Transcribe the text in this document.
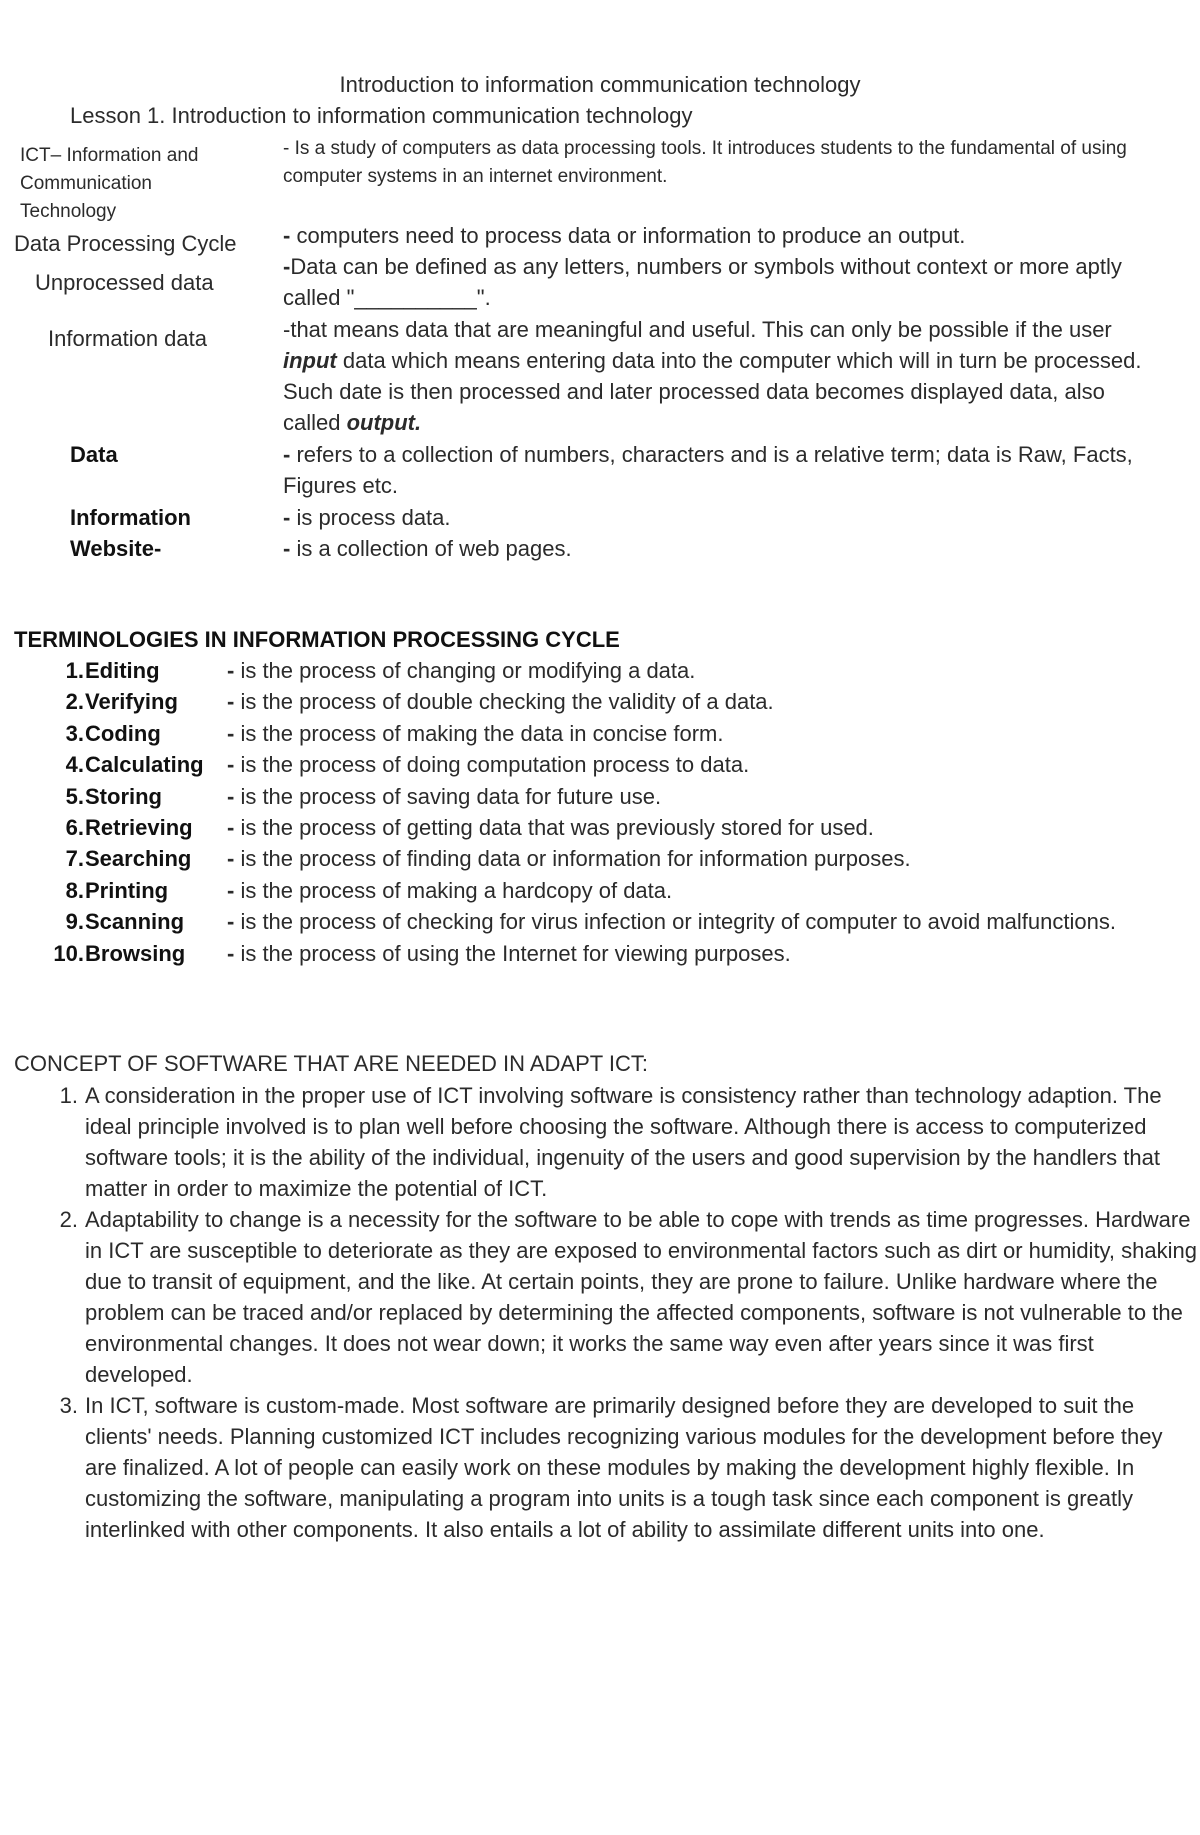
Introduction to information communication technology
Lesson 1. Introduction to information communication technology
ICT– Information and
Communication
Technology
- Is a study of computers as data processing tools. It introduces students to the fundamental of using computer systems in an internet environment.
Data Processing Cycle - computers need to process data or information to produce an output.
Unprocessed data
-Data can be defined as any letters, numbers or symbols without context or more aptly called "__________".
Information data	-that means data that are meaningful and useful. This can only be possible if the user input data which means entering data into the computer which will in turn be processed. Such date is then processed and later processed data becomes displayed data, also called output.
Data	- refers to a collection of numbers, characters and is a relative term; data is Raw, Facts, Figures etc.
Information	- is process data.
Website-	- is a collection of web pages.
TERMINOLOGIES IN INFORMATION PROCESSING CYCLE
1. Editing	- is the process of changing or modifying a data.
2. Verifying - is the process of double checking the validity of a data.
3. Coding	- is the process of making the data in concise form.
4. Calculating - is the process of doing computation process to data.
5. Storing	- is the process of saving data for future use.
6. Retrieving - is the process of getting data that was previously stored for used.
7. Searching - is the process of finding data or information for information purposes.
8. Printing	- is the process of making a hardcopy of data.
9. Scanning - is the process of checking for virus infection or integrity of computer to avoid malfunctions.
10. Browsing - is the process of using the Internet for viewing purposes.
CONCEPT OF SOFTWARE THAT ARE NEEDED IN ADAPT ICT:
1. A consideration in the proper use of ICT involving software is consistency rather than technology adaption. The ideal principle involved is to plan well before choosing the software. Although there is access to computerized software tools; it is the ability of the individual, ingenuity of the users and good supervision by the handlers that matter in order to maximize the potential of ICT.
2. Adaptability to change is a necessity for the software to be able to cope with trends as time progresses. Hardware in ICT are susceptible to deteriorate as they are exposed to environmental factors such as dirt or humidity, shaking due to transit of equipment, and the like. At certain points, they are prone to failure. Unlike hardware where the problem can be traced and/or replaced by determining the affected components, software is not vulnerable to the environmental changes. It does not wear down; it works the same way even after years since it was first developed.
3. In ICT, software is custom-made. Most software are primarily designed before they are developed to suit the clients' needs. Planning customized ICT includes recognizing various modules for the development before they are finalized. A lot of people can easily work on these modules by making the development highly flexible. In customizing the software, manipulating a program into units is a tough task since each component is greatly interlinked with other components. It also entails a lot of ability to assimilate different units into one.
